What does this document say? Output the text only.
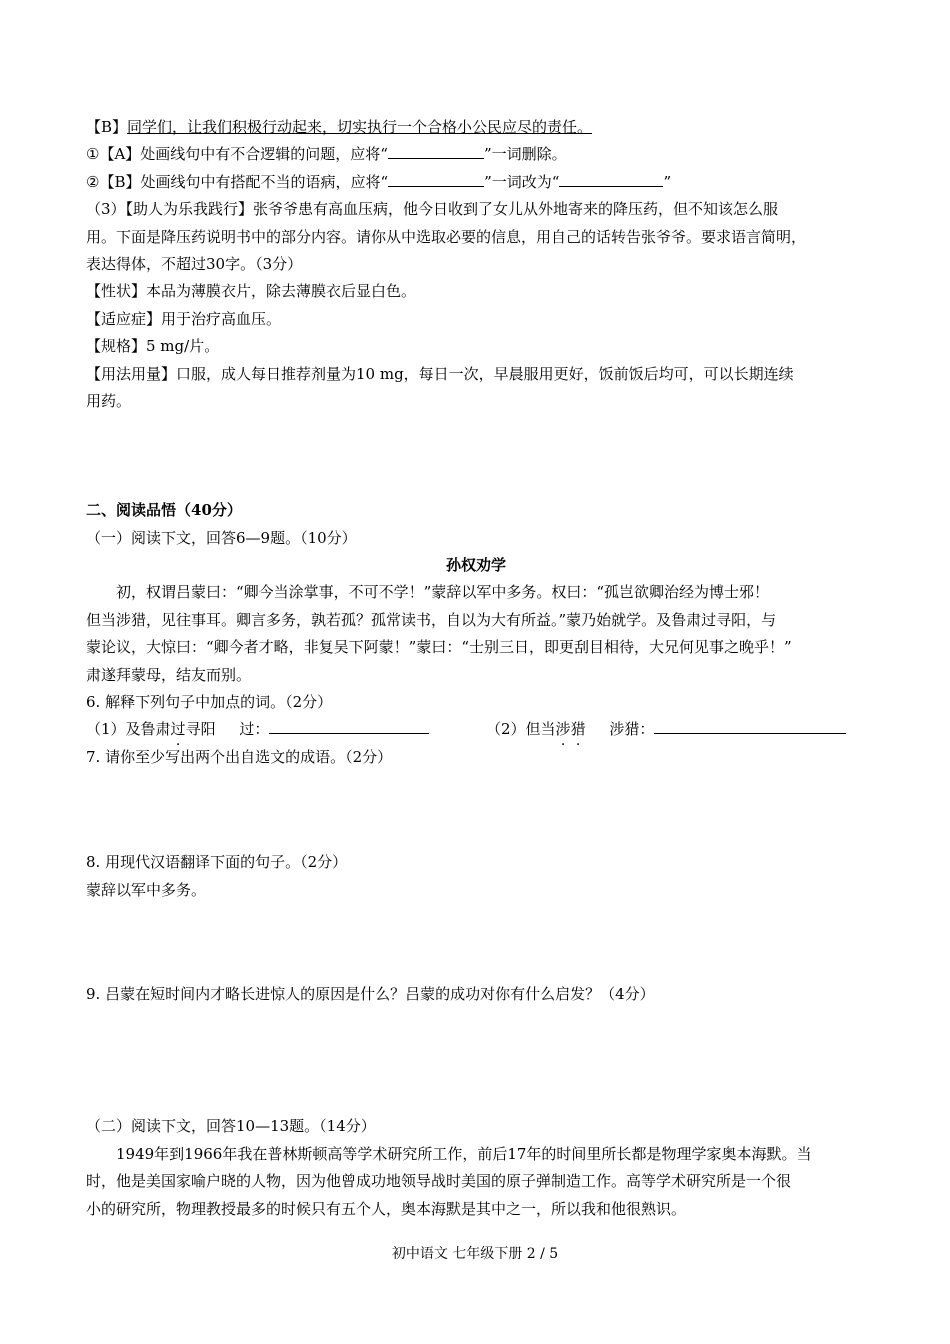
【B】同学们，让我们积极行动起来，切实执行一个合格小公民应尽的责任。
①【A】处画线句中有不合逻辑的问题，应将“	”一词删除。
②【B】处画线句中有搭配不当的语病，应将“	”一词改为“	”
（3）【助人为乐我践行】张爷爷患有高血压病，他今日收到了女儿从外地寄来的降压药，但不知该怎么服
用。下面是降压药说明书中的部分内容。请你从中选取必要的信息，用自己的话转告张爷爷。要求语言简明，
表达得体，不超过30字。（3分）
【性状】本品为薄膜衣片，除去薄膜衣后显白色。
【适应症】用于治疗高血压。
【规格】5 mg/片。
【用法用量】口服，成人每日推荐剂量为10 mg，每日一次，早晨服用更好，饭前饭后均可，可以长期连续
用药。
二、阅读品悟（40分）
（一）阅读下文，回答6—9题。（10分）
孙权劝学
初，权谓吕蒙曰：“卿今当涂掌事，不可不学！”蒙辞以军中多务。权曰：“孤岂欲卿治经为博士邪！
但当涉猎，见往事耳。卿言多务，孰若孤？孤常读书，自以为大有所益。”蒙乃始就学。及鲁肃过寻阳，与
蒙论议，大惊曰：“卿今者才略，非复吴下阿蒙！”蒙曰：“士别三日，即更刮目相待，大兄何见事之晚乎！”
肃遂拜蒙母，结友而别。
6. 解释下列句子中加点的词。（2分）
（1）及鲁肃过寻阳 过：	（2）但当涉猎 涉猎：
7. 请你至少写出两个出自选文的成语。（2分）
8. 用现代汉语翻译下面的句子。（2分）
蒙辞以军中多务。
9. 吕蒙在短时间内才略长进惊人的原因是什么？吕蒙的成功对你有什么启发？（4分）
（二）阅读下文，回答10—13题。（14分）
1949年到1966年我在普林斯顿高等学术研究所工作，前后17年的时间里所长都是物理学家奥本海默。当
时，他是美国家喻户晓的人物，因为他曾成功地领导战时美国的原子弹制造工作。高等学术研究所是一个很
小的研究所，物理教授最多的时候只有五个人，奥本海默是其中之一，所以我和他很熟识。
初中语文 七年级下册 2 / 5
